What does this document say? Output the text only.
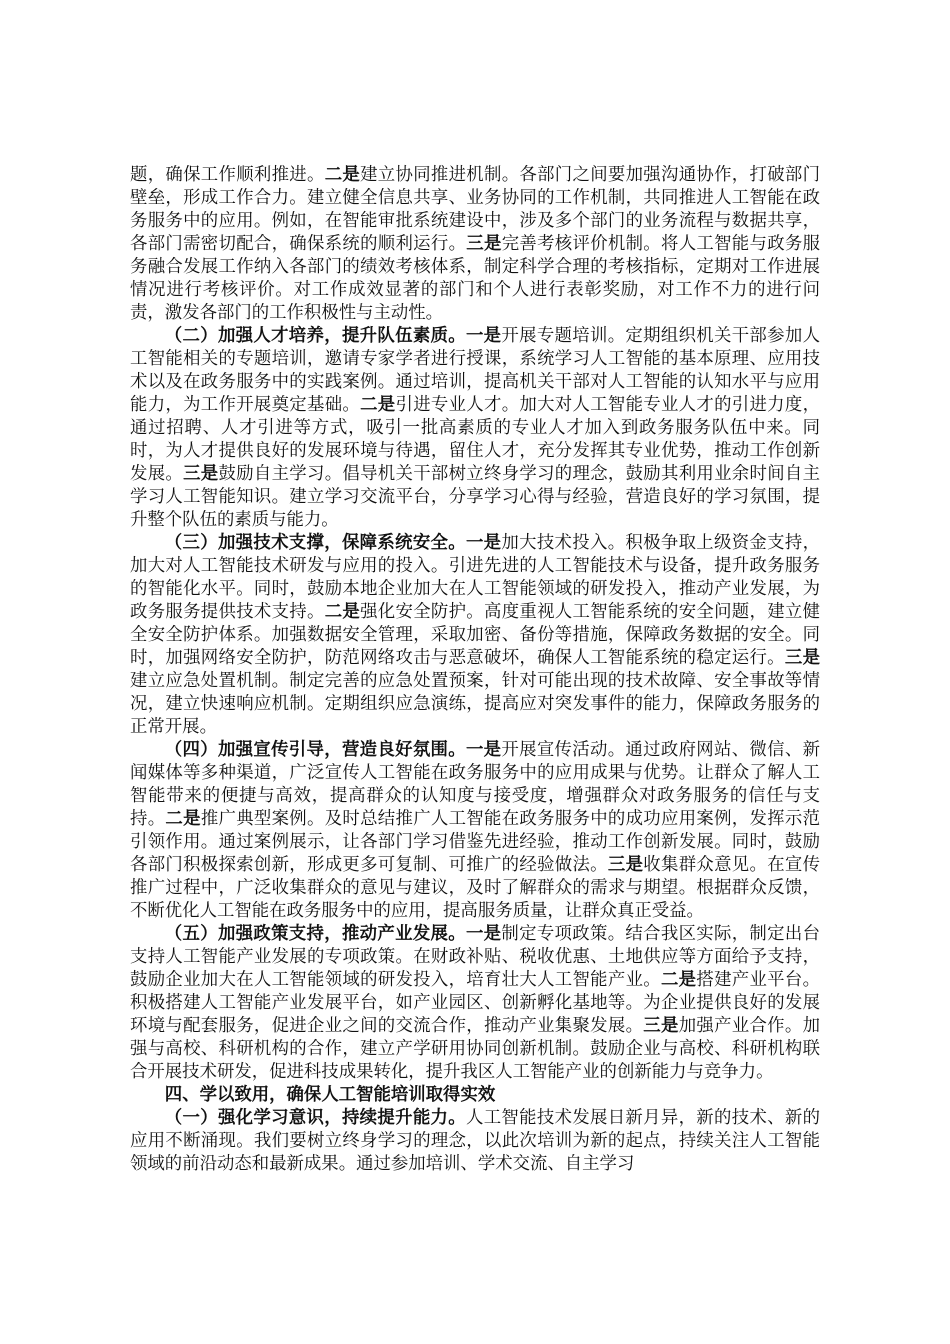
题，确保工作顺利推进。二是建立协同推进机制。各部门之间要加强沟通协作，打破部门壁垒，形成工作合力。建立健全信息共享、业务协同的工作机制，共同推进人工智能在政务服务中的应用。例如，在智能审批系统建设中，涉及多个部门的业务流程与数据共享，各部门需密切配合，确保系统的顺利运行。三是完善考核评价机制。将人工智能与政务服务融合发展工作纳入各部门的绩效考核体系，制定科学合理的考核指标，定期对工作进展情况进行考核评价。对工作成效显著的部门和个人进行表彰奖励，对工作不力的进行问责，激发各部门的工作积极性与主动性。

（二）加强人才培养，提升队伍素质。一是开展专题培训。定期组织机关干部参加人工智能相关的专题培训，邀请专家学者进行授课，系统学习人工智能的基本原理、应用技术以及在政务服务中的实践案例。通过培训，提高机关干部对人工智能的认知水平与应用能力，为工作开展奠定基础。二是引进专业人才。加大对人工智能专业人才的引进力度，通过招聘、人才引进等方式，吸引一批高素质的专业人才加入到政务服务队伍中来。同时，为人才提供良好的发展环境与待遇，留住人才，充分发挥其专业优势，推动工作创新发展。三是鼓励自主学习。倡导机关干部树立终身学习的理念，鼓励其利用业余时间自主学习人工智能知识。建立学习交流平台，分享学习心得与经验，营造良好的学习氛围，提升整个队伍的素质与能力。

（三）加强技术支撑，保障系统安全。一是加大技术投入。积极争取上级资金支持，加大对人工智能技术研发与应用的投入。引进先进的人工智能技术与设备，提升政务服务的智能化水平。同时，鼓励本地企业加大在人工智能领域的研发投入，推动产业发展，为政务服务提供技术支持。二是强化安全防护。高度重视人工智能系统的安全问题，建立健全安全防护体系。加强数据安全管理，采取加密、备份等措施，保障政务数据的安全。同时，加强网络安全防护，防范网络攻击与恶意破坏，确保人工智能系统的稳定运行。三是建立应急处置机制。制定完善的应急处置预案，针对可能出现的技术故障、安全事故等情况，建立快速响应机制。定期组织应急演练，提高应对突发事件的能力，保障政务服务的正常开展。

（四）加强宣传引导，营造良好氛围。一是开展宣传活动。通过政府网站、微信、新闻媒体等多种渠道，广泛宣传人工智能在政务服务中的应用成果与优势。让群众了解人工智能带来的便捷与高效，提高群众的认知度与接受度，增强群众对政务服务的信任与支持。二是推广典型案例。及时总结推广人工智能在政务服务中的成功应用案例，发挥示范引领作用。通过案例展示，让各部门学习借鉴先进经验，推动工作创新发展。同时，鼓励各部门积极探索创新，形成更多可复制、可推广的经验做法。三是收集群众意见。在宣传推广过程中，广泛收集群众的意见与建议，及时了解群众的需求与期望。根据群众反馈，不断优化人工智能在政务服务中的应用，提高服务质量，让群众真正受益。

（五）加强政策支持，推动产业发展。一是制定专项政策。结合我区实际，制定出台支持人工智能产业发展的专项政策。在财政补贴、税收优惠、土地供应等方面给予支持，鼓励企业加大在人工智能领域的研发投入，培育壮大人工智能产业。二是搭建产业平台。积极搭建人工智能产业发展平台，如产业园区、创新孵化基地等。为企业提供良好的发展环境与配套服务，促进企业之间的交流合作，推动产业集聚发展。三是加强产业合作。加强与高校、科研机构的合作，建立产学研用协同创新机制。鼓励企业与高校、科研机构联合开展技术研发，促进科技成果转化，提升我区人工智能产业的创新能力与竞争力。

四、学以致用，确保人工智能培训取得实效

（一）强化学习意识，持续提升能力。人工智能技术发展日新月异，新的技术、新的应用不断涌现。我们要树立终身学习的理念，以此次培训为新的起点，持续关注人工智能领域的前沿动态和最新成果。通过参加培训、学术交流、自主学习
